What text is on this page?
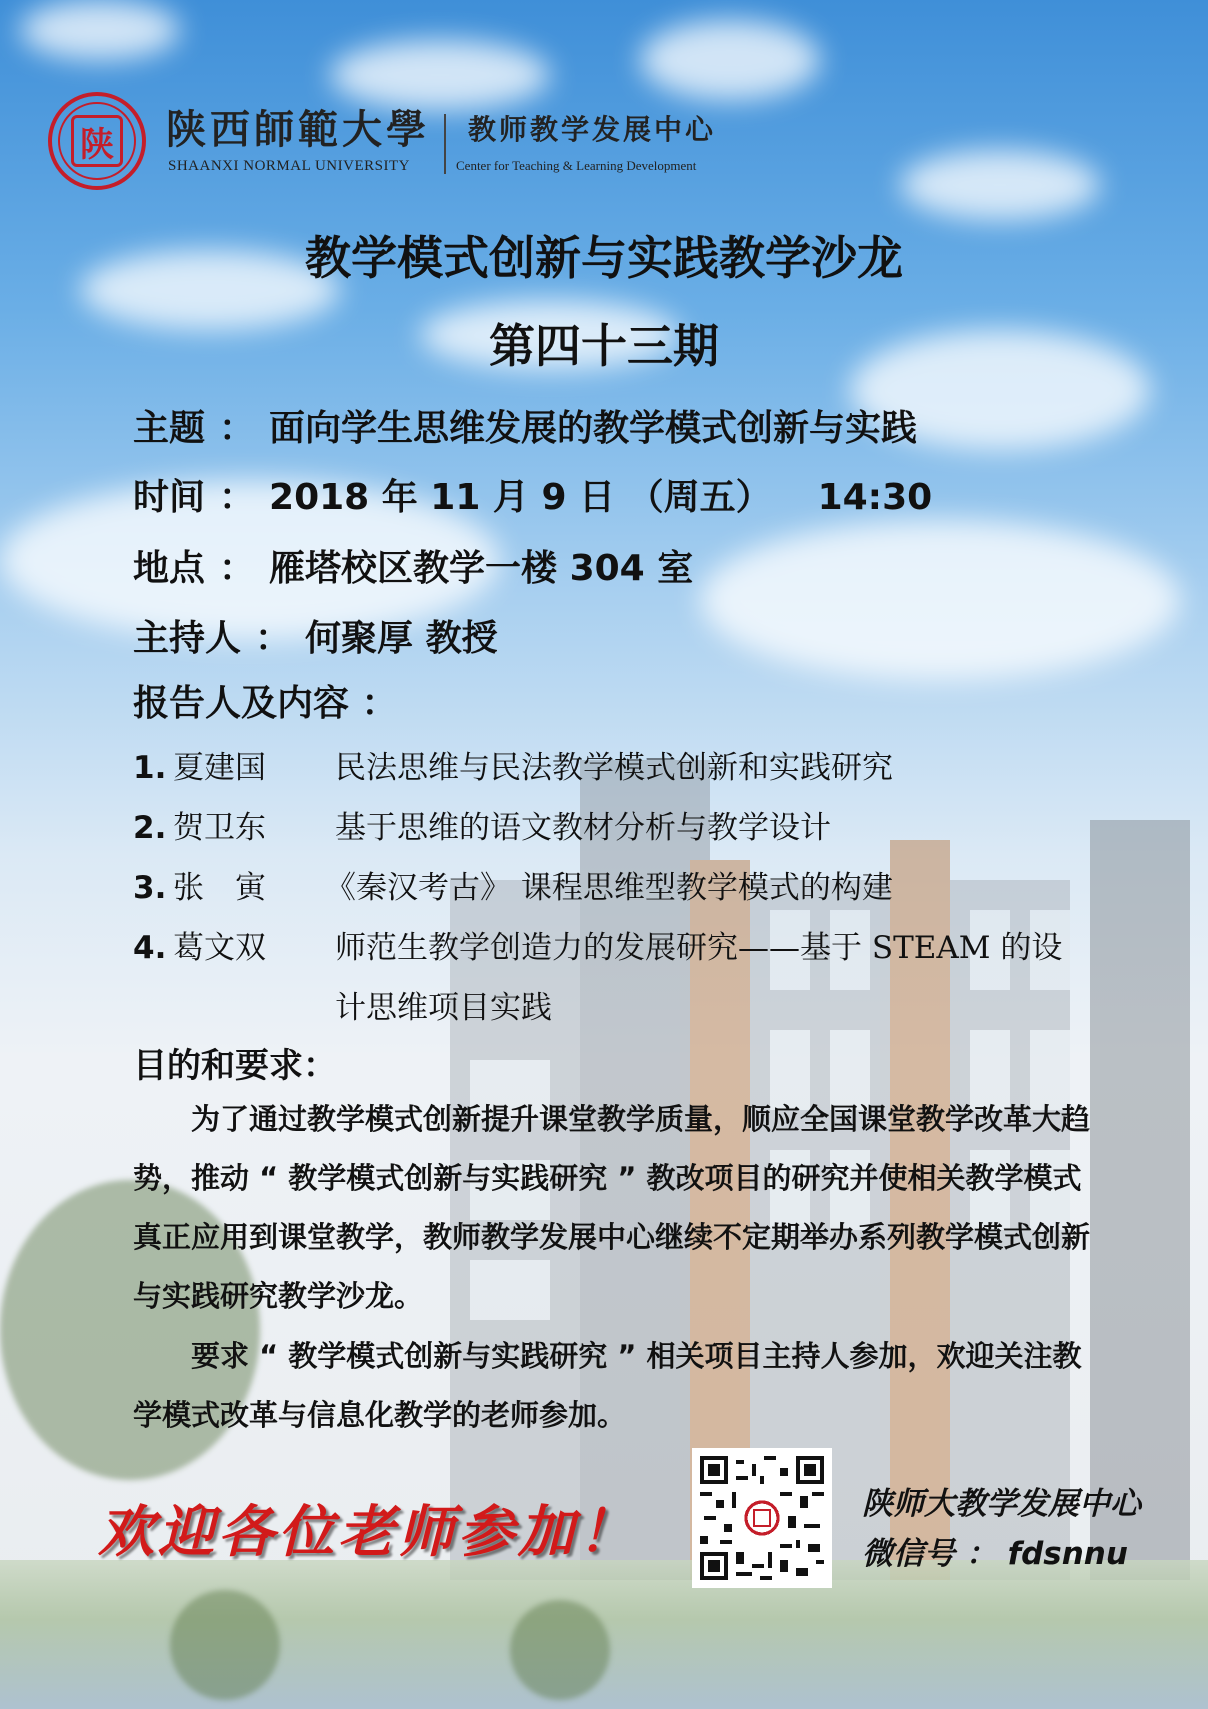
陕 陕西師範大學
SHAANXI NORMAL UNIVERSITY
教师教学发展中心
Center for Teaching & Learning Development
教学模式创新与实践教学沙龙
第四十三期
主题 ： 面向学生思维发展的教学模式创新与实践
时间 ： 2018 年 11 月 9 日 （周五） 14:30
地点 ： 雁塔校区教学一楼 304 室
主持人 ： 何聚厚 教授
报告人及内容 ：
1. 夏建国 民法思维与民法教学模式创新和实践研究
2. 贺卫东 基于思维的语文教材分析与教学设计
3. 张　寅 《秦汉考古》 课程思维型教学模式的构建
4. 葛文双 师范生教学创造力的发展研究——基于 STEAM 的设
计思维项目实践
目的和要求：
　　为了通过教学模式创新提升课堂教学质量，顺应全国课堂教学改革大趋势，推动 “ 教学模式创新与实践研究 ” 教改项目的研究并使相关教学模式真正应用到课堂教学，教师教学发展中心继续不定期举办系列教学模式创新与实践研究教学沙龙。
　　要求 “ 教学模式创新与实践研究 ” 相关项目主持人参加，欢迎关注教学模式改革与信息化教学的老师参加。
欢迎各位老师参加！	陕师大教学发展中心
微信号 ： fdsnnu
